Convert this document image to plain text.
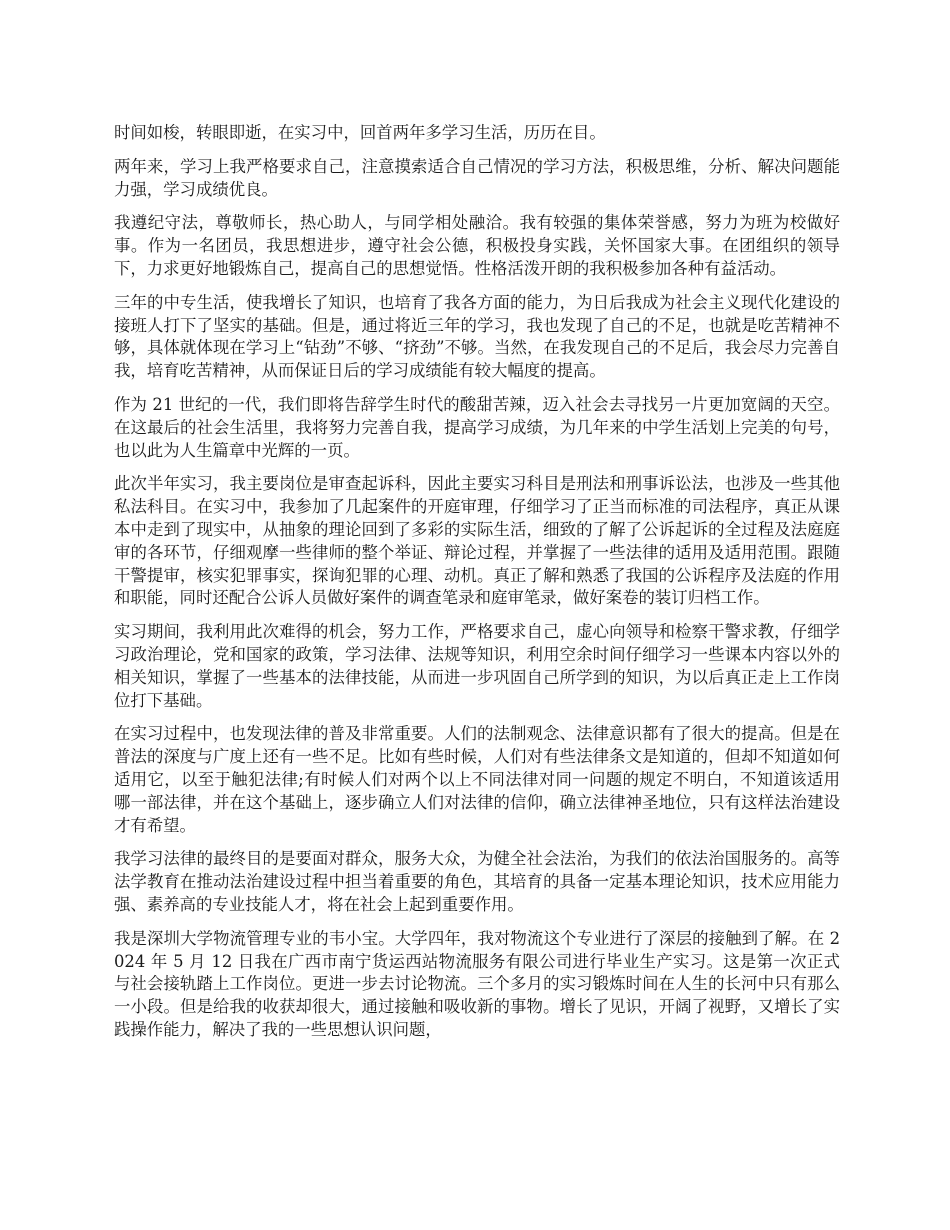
时间如梭，转眼即逝，在实习中，回首两年多学习生活，历历在目。

两年来，学习上我严格要求自己，注意摸索适合自己情况的学习方法，积极思维，分析、解决问题能力强，学习成绩优良。

我遵纪守法，尊敬师长，热心助人，与同学相处融洽。我有较强的集体荣誉感，努力为班为校做好事。作为一名团员，我思想进步，遵守社会公德，积极投身实践，关怀国家大事。在团组织的领导下，力求更好地锻炼自己，提高自己的思想觉悟。性格活泼开朗的我积极参加各种有益活动。

三年的中专生活，使我增长了知识，也培育了我各方面的能力，为日后我成为社会主义现代化建设的接班人打下了坚实的基础。但是，通过将近三年的学习，我也发现了自己的不足，也就是吃苦精神不够，具体就体现在学习上“钻劲”不够、“挤劲”不够。当然，在我发现自己的不足后，我会尽力完善自我，培育吃苦精神，从而保证日后的学习成绩能有较大幅度的提高。

作为 21 世纪的一代，我们即将告辞学生时代的酸甜苦辣，迈入社会去寻找另一片更加宽阔的天空。在这最后的社会生活里，我将努力完善自我，提高学习成绩，为几年来的中学生活划上完美的句号，也以此为人生篇章中光辉的一页。

此次半年实习，我主要岗位是审查起诉科，因此主要实习科目是刑法和刑事诉讼法，也涉及一些其他私法科目。在实习中，我参加了几起案件的开庭审理，仔细学习了正当而标准的司法程序，真正从课本中走到了现实中，从抽象的理论回到了多彩的实际生活，细致的了解了公诉起诉的全过程及法庭庭审的各环节，仔细观摩一些律师的整个举证、辩论过程，并掌握了一些法律的适用及适用范围。跟随干警提审，核实犯罪事实，探询犯罪的心理、动机。真正了解和熟悉了我国的公诉程序及法庭的作用和职能，同时还配合公诉人员做好案件的调查笔录和庭审笔录，做好案卷的装订归档工作。

实习期间，我利用此次难得的机会，努力工作，严格要求自己，虚心向领导和检察干警求教，仔细学习政治理论，党和国家的政策，学习法律、法规等知识，利用空余时间仔细学习一些课本内容以外的相关知识，掌握了一些基本的法律技能，从而进一步巩固自己所学到的知识，为以后真正走上工作岗位打下基础。

在实习过程中，也发现法律的普及非常重要。人们的法制观念、法律意识都有了很大的提高。但是在普法的深度与广度上还有一些不足。比如有些时候，人们对有些法律条文是知道的，但却不知道如何适用它，以至于触犯法律;有时候人们对两个以上不同法律对同一问题的规定不明白，不知道该适用哪一部法律，并在这个基础上，逐步确立人们对法律的信仰，确立法律神圣地位，只有这样法治建设才有希望。

我学习法律的最终目的是要面对群众，服务大众，为健全社会法治，为我们的依法治国服务的。高等法学教育在推动法治建设过程中担当着重要的角色，其培育的具备一定基本理论知识，技术应用能力强、素养高的专业技能人才，将在社会上起到重要作用。

我是深圳大学物流管理专业的韦小宝。大学四年，我对物流这个专业进行了深层的接触到了解。在 2024 年 5 月 12 日我在广西市南宁货运西站物流服务有限公司进行毕业生产实习。这是第一次正式与社会接轨踏上工作岗位。更进一步去讨论物流。三个多月的实习锻炼时间在人生的长河中只有那么一小段。但是给我的收获却很大，通过接触和吸收新的事物。增长了见识，开阔了视野，又增长了实践操作能力，解决了我的一些思想认识问题，
